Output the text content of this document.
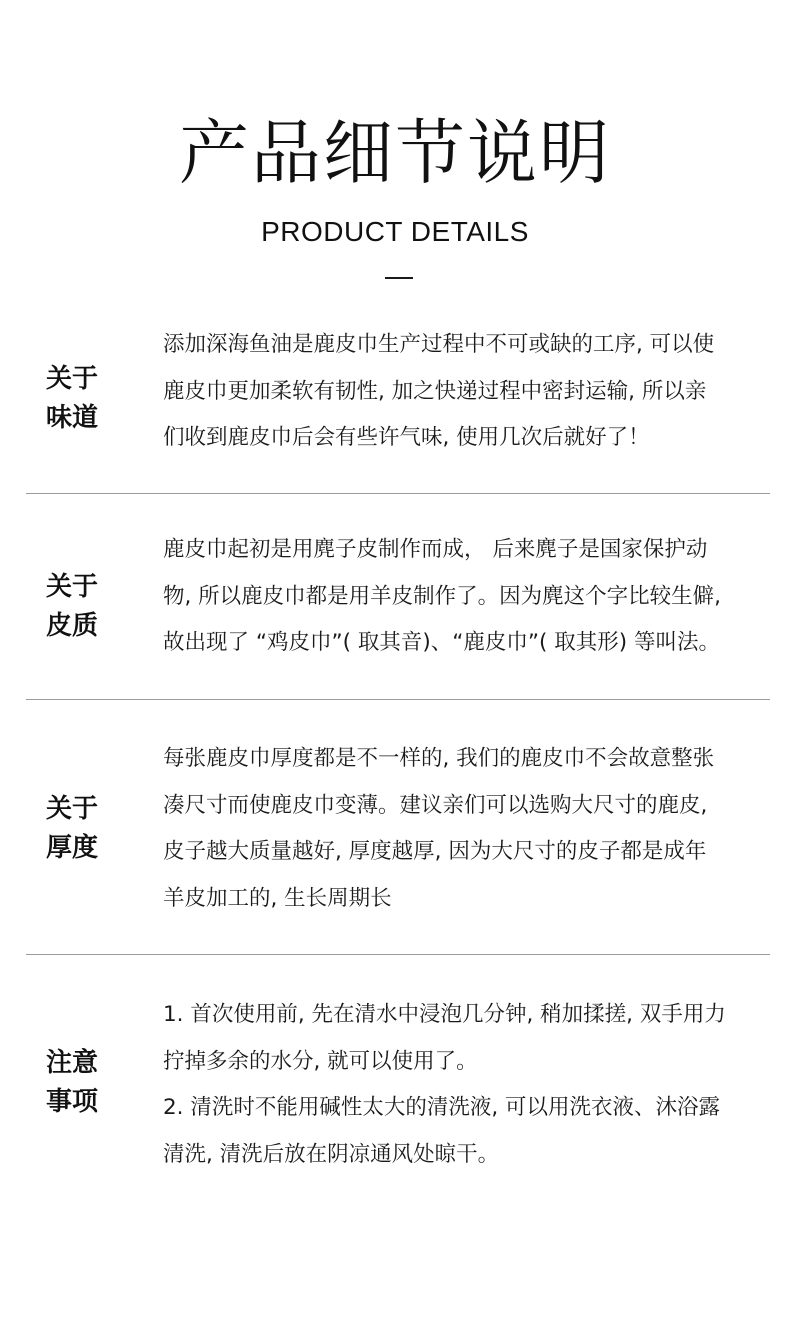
产品细节说明
PRODUCT DETAILS
关于
味道

添加深海鱼油是鹿皮巾生产过程中不可或缺的工序, 可以使

鹿皮巾更加柔软有韧性, 加之快递过程中密封运输, 所以亲

们收到鹿皮巾后会有些许气味, 使用几次后就好了！

关于
皮质

鹿皮巾起初是用麂子皮制作而成， 后来麂子是国家保护动

物, 所以鹿皮巾都是用羊皮制作了。因为麂这个字比较生僻,

故出现了 “鸡皮巾”( 取其音)、“鹿皮巾”( 取其形) 等叫法。

关于
厚度

每张鹿皮巾厚度都是不一样的, 我们的鹿皮巾不会故意整张

凑尺寸而使鹿皮巾变薄。建议亲们可以选购大尺寸的鹿皮,

皮子越大质量越好, 厚度越厚, 因为大尺寸的皮子都是成年

羊皮加工的, 生长周期长

注意
事项

1. 首次使用前, 先在清水中浸泡几分钟, 稍加揉搓, 双手用力

拧掉多余的水分, 就可以使用了。

2. 清洗时不能用碱性太大的清洗液, 可以用洗衣液、沐浴露

清洗, 清洗后放在阴凉通风处晾干。
